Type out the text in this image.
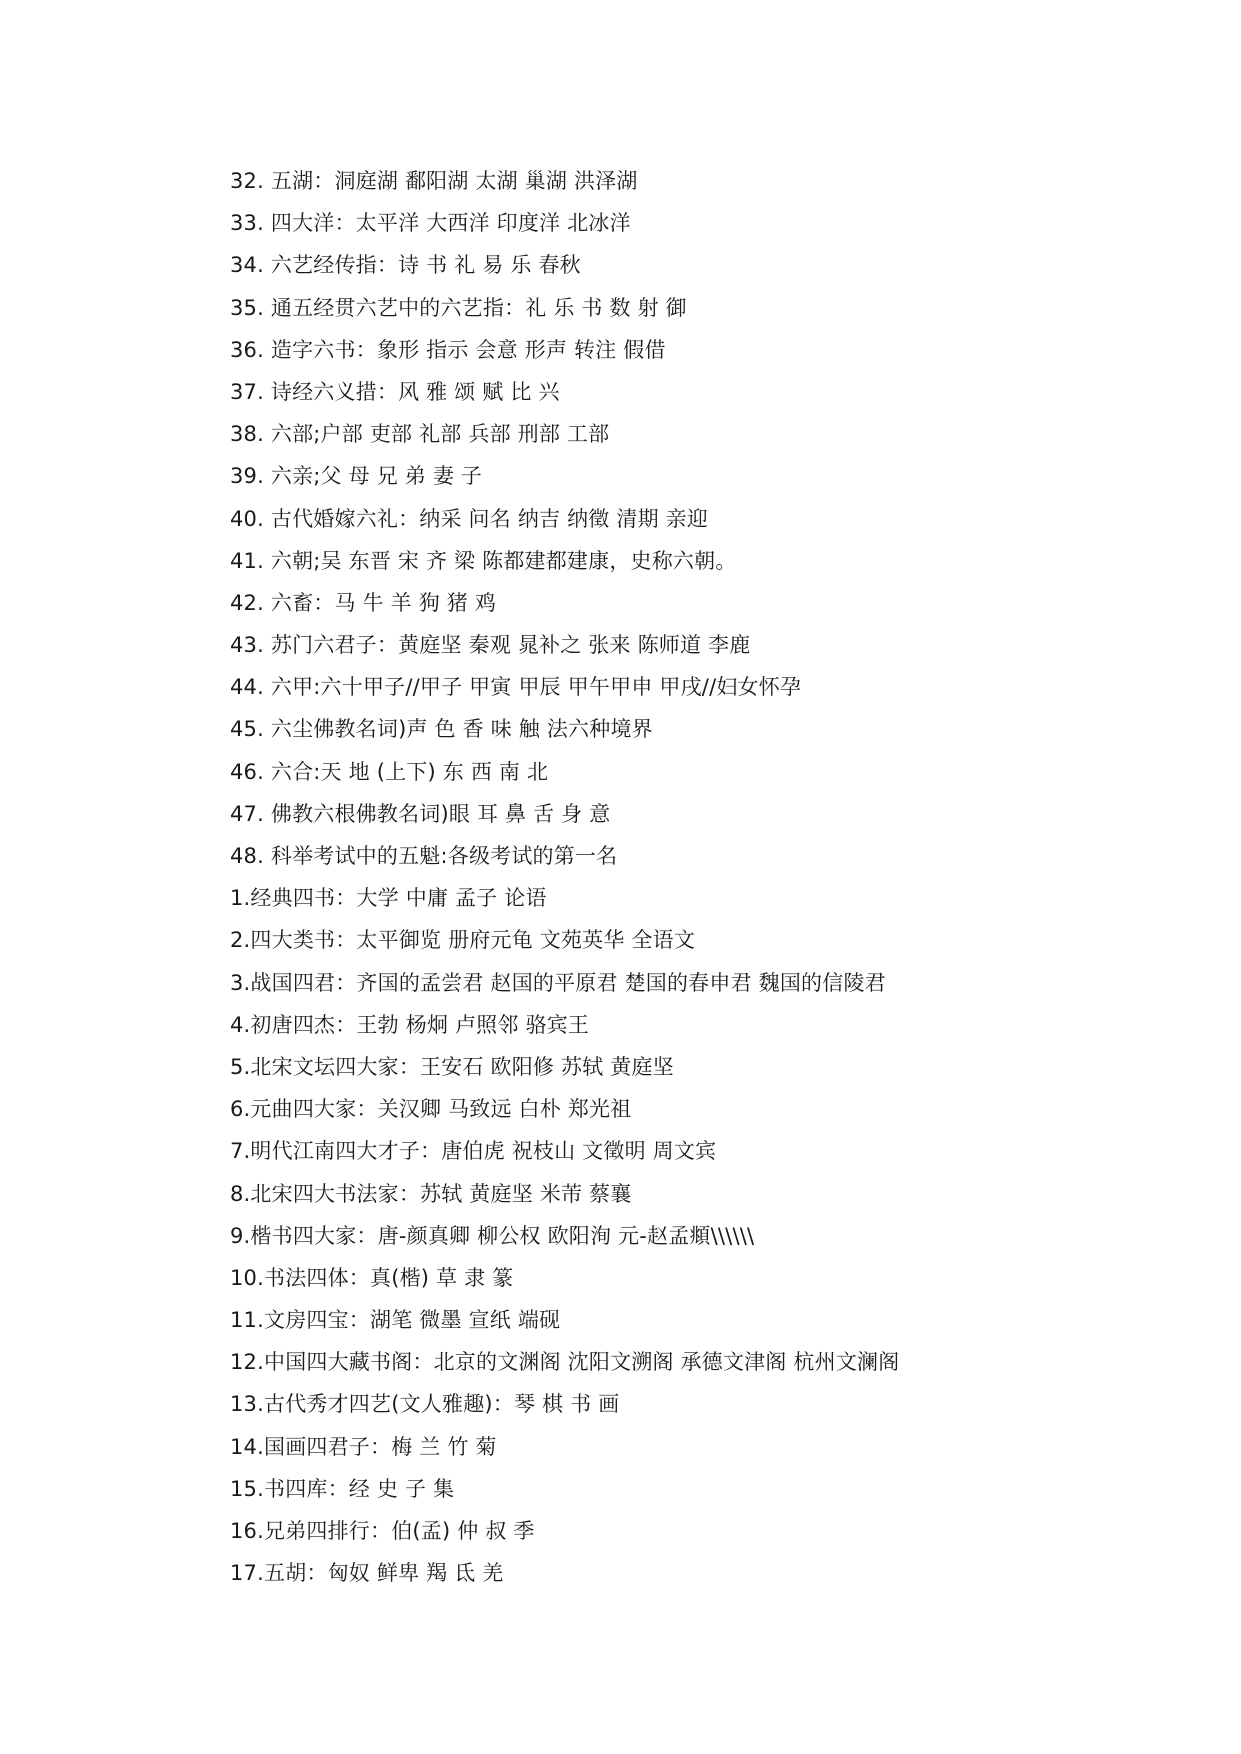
32. 五湖：洞庭湖 鄱阳湖 太湖 巢湖 洪泽湖
33. 四大洋：太平洋 大西洋 印度洋 北冰洋
34. 六艺经传指：诗 书 礼 易 乐 春秋
35. 通五经贯六艺中的六艺指：礼 乐 书 数 射 御
36. 造字六书：象形 指示 会意 形声 转注 假借
37. 诗经六义措：风 雅 颂 赋 比 兴
38. 六部;户部 吏部 礼部 兵部 刑部 工部
39. 六亲;父 母 兄 弟 妻 子
40. 古代婚嫁六礼：纳采 问名 纳吉 纳徵 清期 亲迎
41. 六朝;吴 东晋 宋 齐 梁 陈都建都建康，史称六朝。
42. 六畜：马 牛 羊 狗 猪 鸡
43. 苏门六君子：黄庭坚 秦观 晁补之 张来 陈师道 李鹿
44. 六甲:六十甲子//甲子 甲寅 甲辰 甲午甲申 甲戌//妇女怀孕
45. 六尘佛教名词)声 色 香 味 触 法六种境界
46. 六合:天 地 (上下) 东 西 南 北
47. 佛教六根佛教名词)眼 耳 鼻 舌 身 意
48. 科举考试中的五魁:各级考试的第一名
1.经典四书：大学 中庸 孟子 论语
2.四大类书：太平御览 册府元龟 文苑英华 全语文
3.战国四君：齐国的孟尝君 赵国的平原君 楚国的春申君 魏国的信陵君
4.初唐四杰：王勃 杨炯 卢照邻 骆宾王
5.北宋文坛四大家：王安石 欧阳修 苏轼 黄庭坚
6.元曲四大家：关汉卿 马致远 白朴 郑光祖
7.明代江南四大才子：唐伯虎 祝枝山 文徵明 周文宾
8.北宋四大书法家：苏轼 黄庭坚 米芾 蔡襄
9.楷书四大家：唐-颜真卿 柳公权 欧阳洵 元-赵孟頫\\\\\\
10.书法四体：真(楷) 草 隶 篆
11.文房四宝：湖笔 微墨 宣纸 端砚
12.中国四大藏书阁：北京的文渊阁 沈阳文溯阁 承德文津阁 杭州文澜阁
13.古代秀才四艺(文人雅趣)：琴 棋 书 画
14.国画四君子：梅 兰 竹 菊
15.书四库：经 史 子 集
16.兄弟四排行：伯(孟) 仲 叔 季
17.五胡：匈奴 鲜卑 羯 氐 羌
